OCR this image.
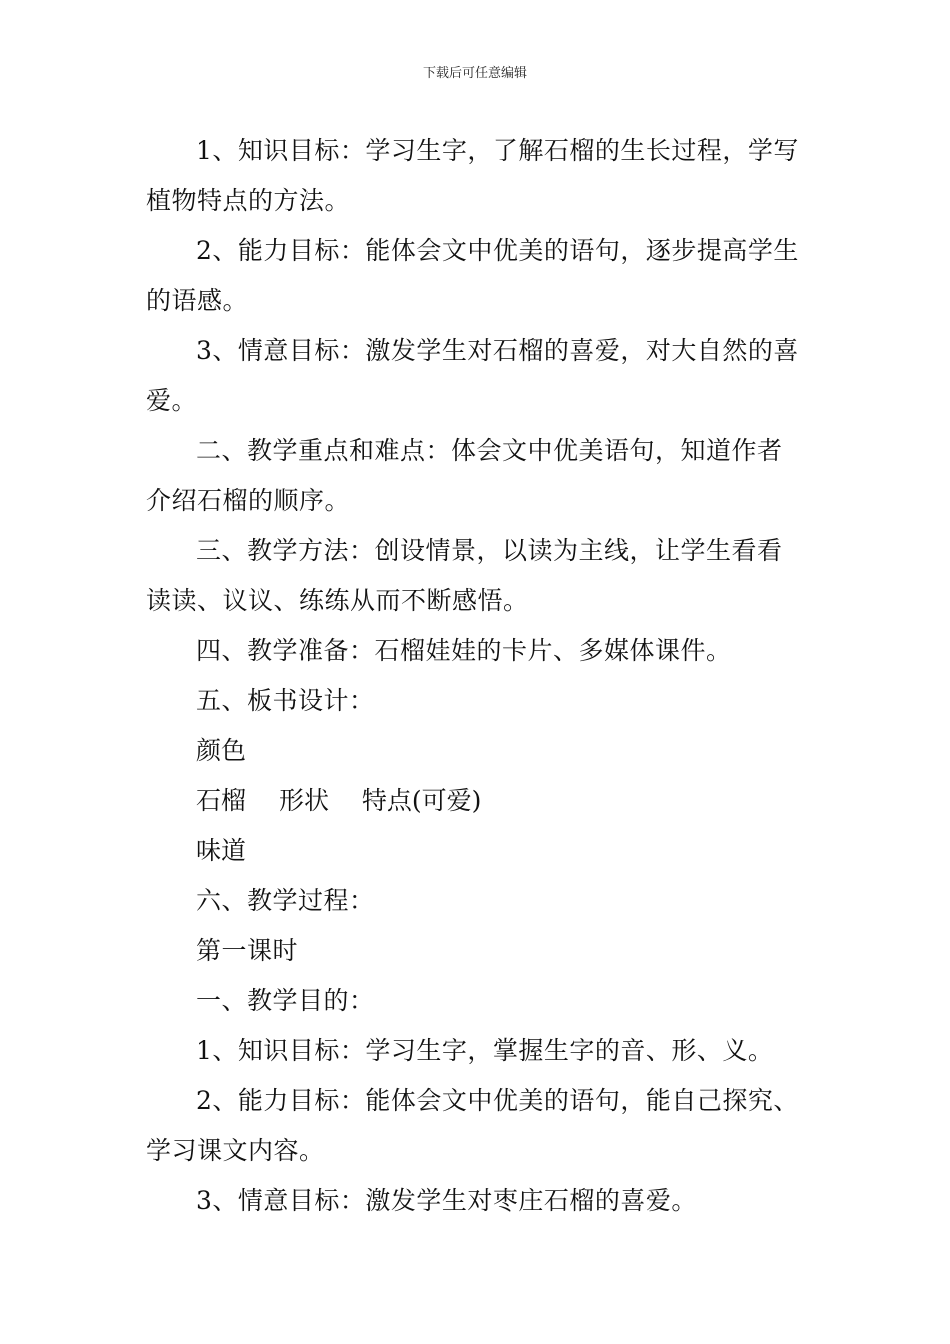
下载后可任意编辑

1、知识目标：学习生字，了解石榴的生长过程，学写植物特点的方法。

2、能力目标：能体会文中优美的语句，逐步提高学生的语感。

3、情意目标：激发学生对石榴的喜爱，对大自然的喜爱。

二、教学重点和难点：体会文中优美语句，知道作者介绍石榴的顺序。

三、教学方法：创设情景，以读为主线，让学生看看读读、议议、练练从而不断感悟。

四、教学准备：石榴娃娃的卡片、多媒体课件。

五、板书设计：

颜色

石榴　 形状　 特点(可爱)

味道

六、教学过程：

第一课时

一、教学目的：

1、知识目标：学习生字，掌握生字的音、形、义。

2、能力目标：能体会文中优美的语句，能自己探究、学习课文内容。

3、情意目标：激发学生对枣庄石榴的喜爱。
